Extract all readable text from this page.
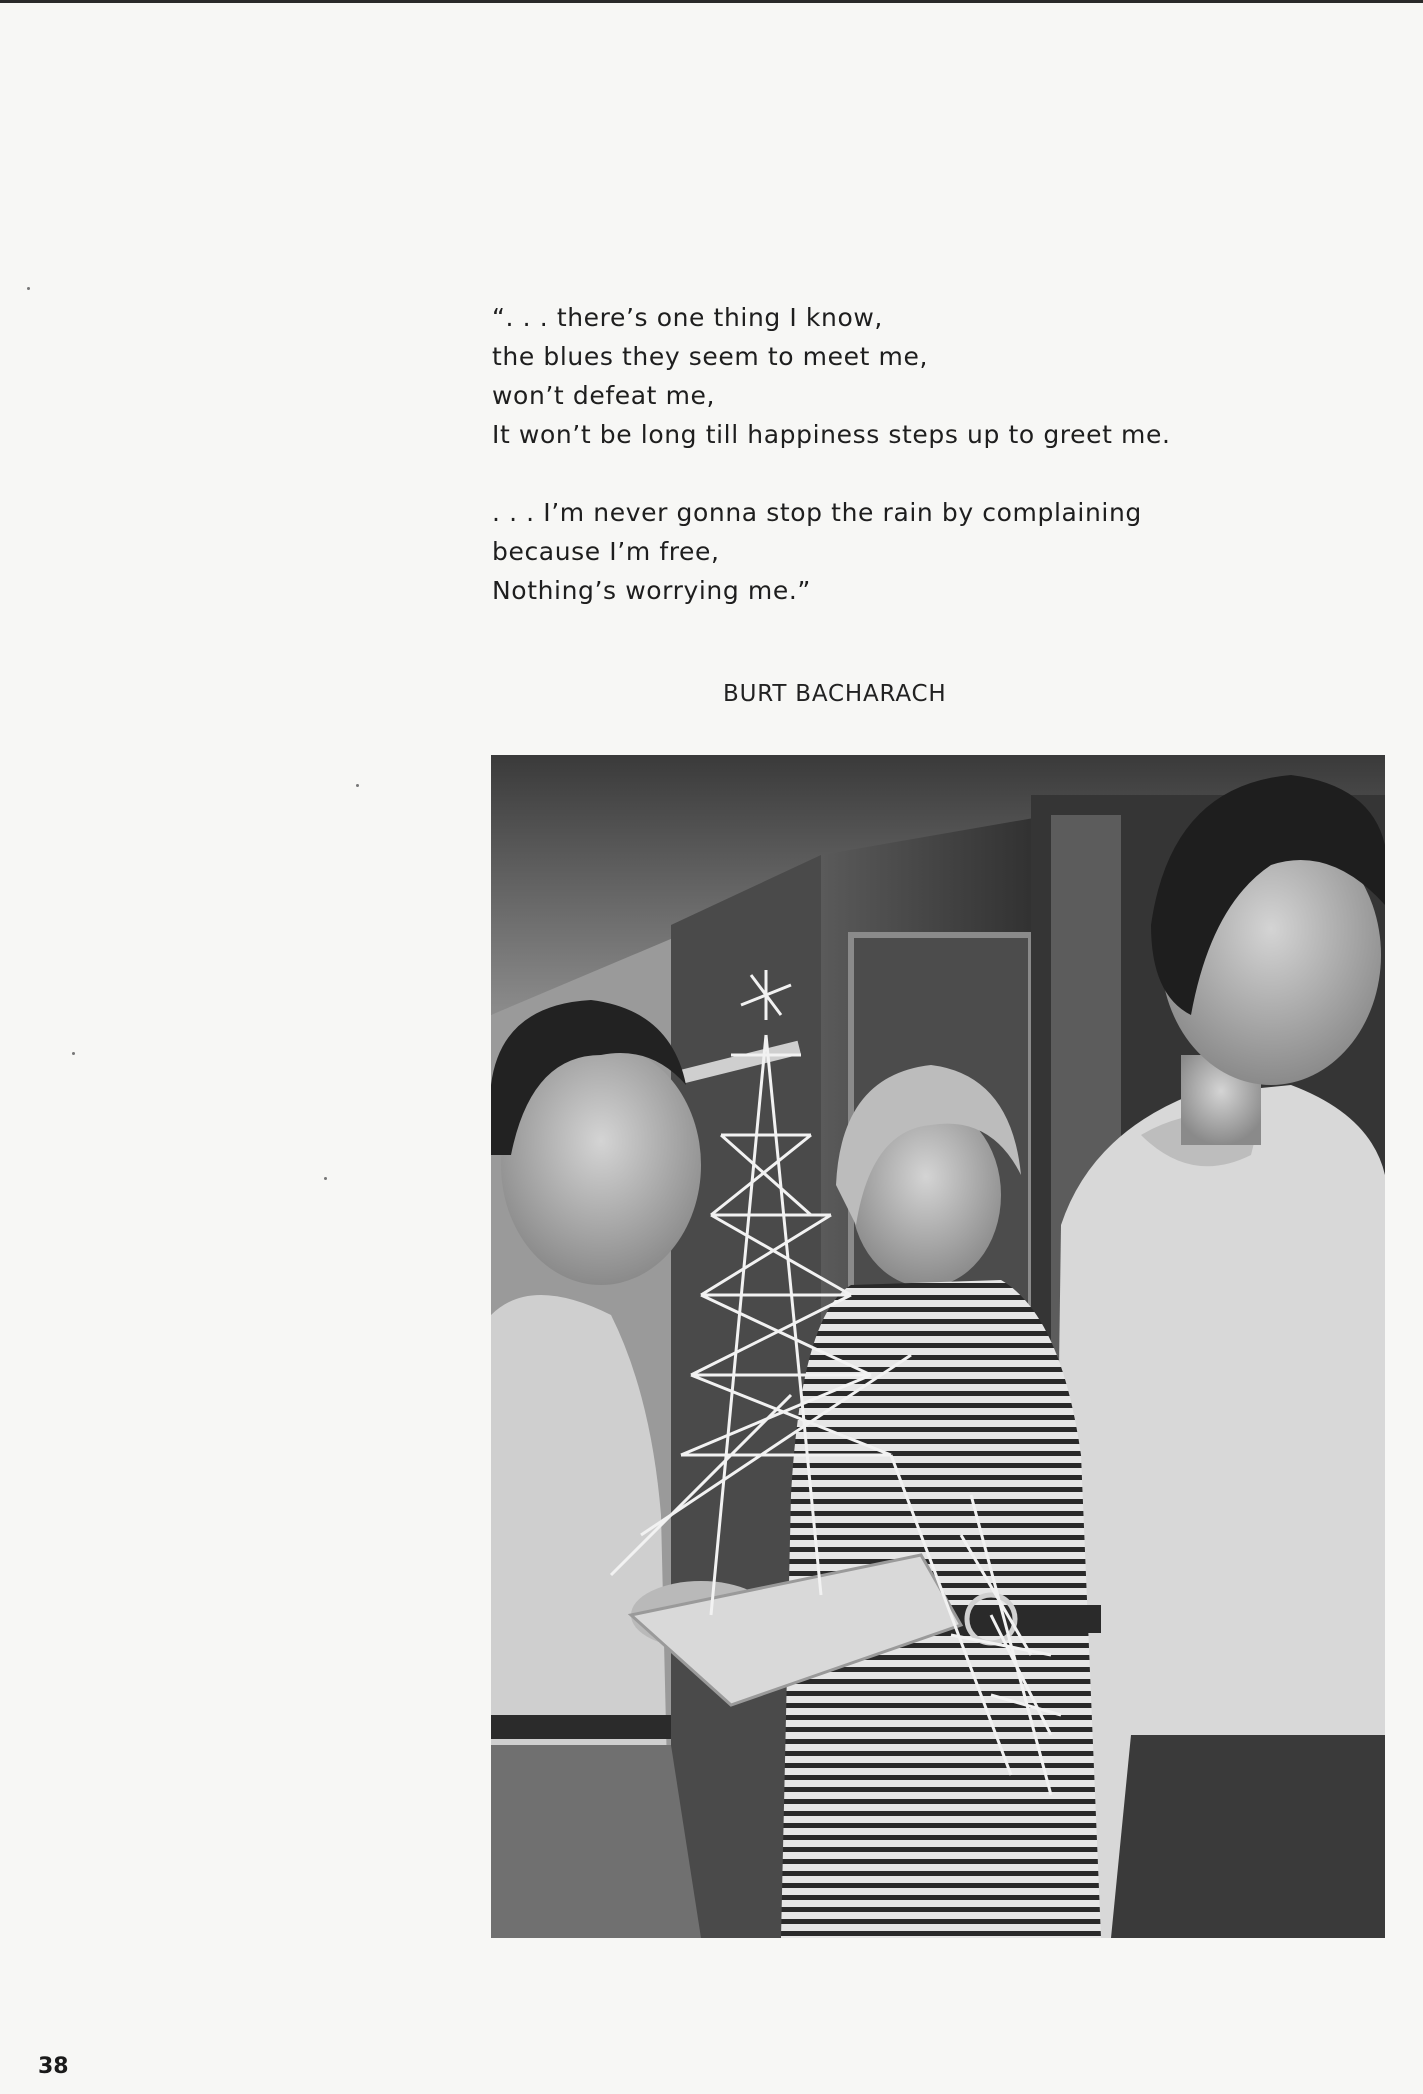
“. . . there’s one thing I know,
the blues they seem to meet me,
won’t defeat me,
It won’t be long till happiness steps up to greet me.
. . . I’m never gonna stop the rain by complaining
because I’m free,
Nothing’s worrying me.”
BURT BACHARACH
38
